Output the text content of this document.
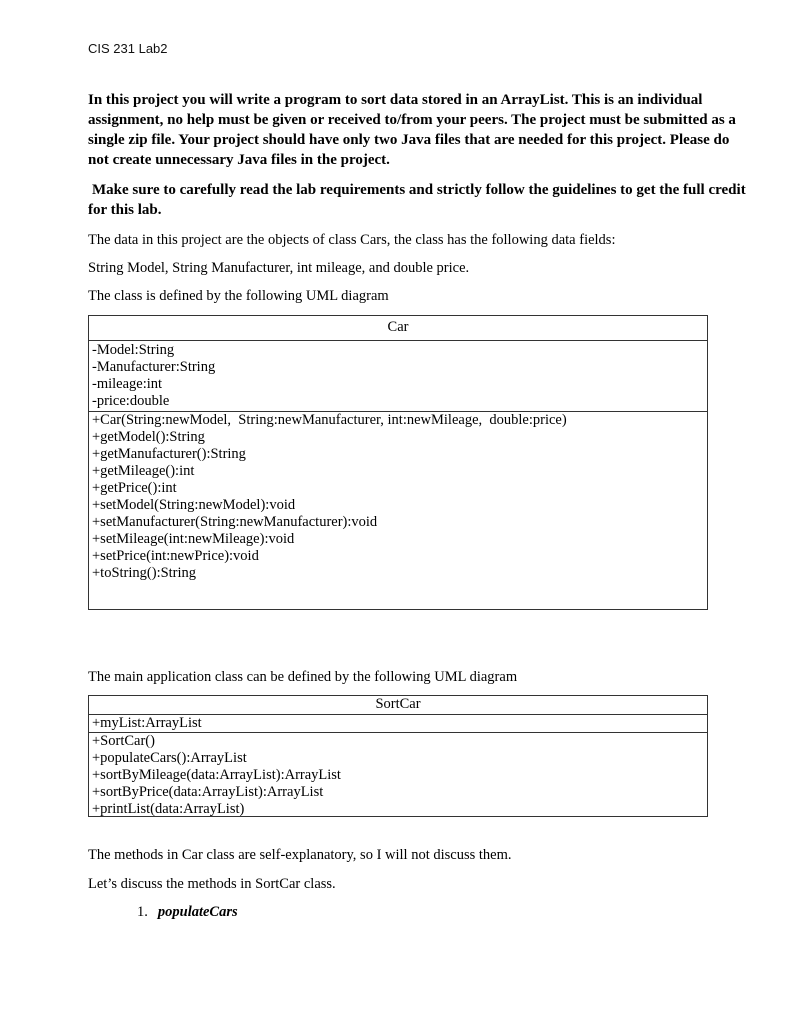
CIS 231 Lab2
In this project you will write a program to sort data stored in an ArrayList. This is an individual assignment, no help must be given or received to/from your peers. The project must be submitted as a single zip file. Your project should have only two Java files that are needed for this project. Please do not create unnecessary Java files in the project.
Make sure to carefully read the lab requirements and strictly follow the guidelines to get the full credit for this lab.
The data in this project are the objects of class Cars, the class has the following data fields:
String Model, String Manufacturer, int mileage, and double price.
The class is defined by the following UML diagram
Car
-Model:String
-Manufacturer:String
-mileage:int
-price:double
+Car(String:newModel,  String:newManufacturer, int:newMileage,  double:price)
+getModel():String
+getManufacturer():String
+getMileage():int
+getPrice():int
+setModel(String:newModel):void
+setManufacturer(String:newManufacturer):void
+setMileage(int:newMileage):void
+setPrice(int:newPrice):void
+toString():String
The main application class can be defined by the following UML diagram
SortCar
+myList:ArrayList
+SortCar()
+populateCars():ArrayList
+sortByMileage(data:ArrayList):ArrayList
+sortByPrice(data:ArrayList):ArrayList
+printList(data:ArrayList)
The methods in Car class are self-explanatory, so I will not discuss them.
Let’s discuss the methods in SortCar class.
1. populateCars
